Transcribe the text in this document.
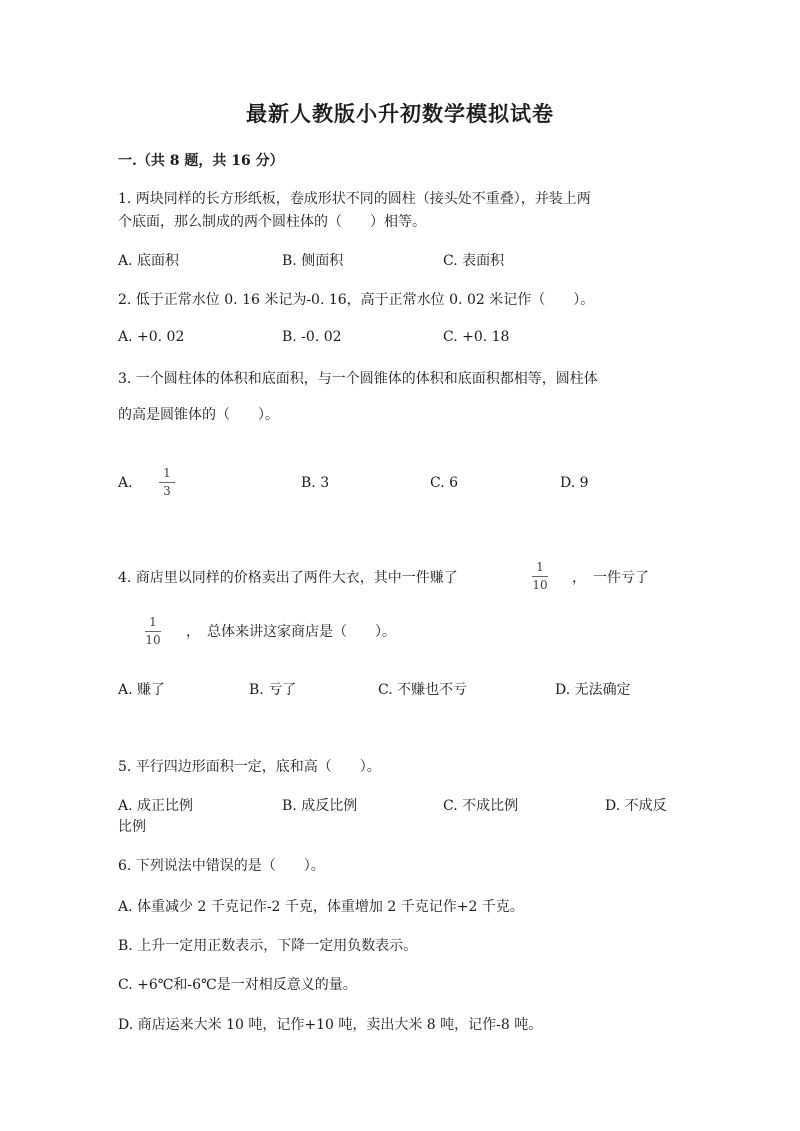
最新人教版小升初数学模拟试卷
一.（共 8 题，共 16 分）
1. 两块同样的长方形纸板，卷成形状不同的圆柱（接头处不重叠），并装上两
个底面，那么制成的两个圆柱体的（　　）相等。
A. 底面积	B. 侧面积	C. 表面积
2. 低于正常水位 0. 16 米记为-0. 16，高于正常水位 0. 02 米记作（　　）。
A. +0. 02	B. -0. 02	C. +0. 18
3. 一个圆柱体的体积和底面积，与一个圆锥体的体积和底面积都相等，圆柱体
的高是圆锥体的（　　）。
A.
1
3	B. 3	C. 6	D. 9
4. 商店里以同样的价格卖出了两件大衣，其中一件赚了
1
10 ，　一件亏了
1
10 ，　总体来讲这家商店是（　　）。
A. 赚了	B. 亏了	C. 不赚也不亏	D. 无法确定
5. 平行四边形面积一定，底和高（　　）。
A. 成正比例	B. 成反比例	C. 不成比例	D. 不成反
比例
6. 下列说法中错误的是（　　）。
A. 体重减少 2 千克记作-2 千克，体重增加 2 千克记作+2 千克。
B. 上升一定用正数表示，下降一定用负数表示。
C. +6℃和-6℃是一对相反意义的量。
D. 商店运来大米 10 吨，记作+10 吨，卖出大米 8 吨，记作-8 吨。
